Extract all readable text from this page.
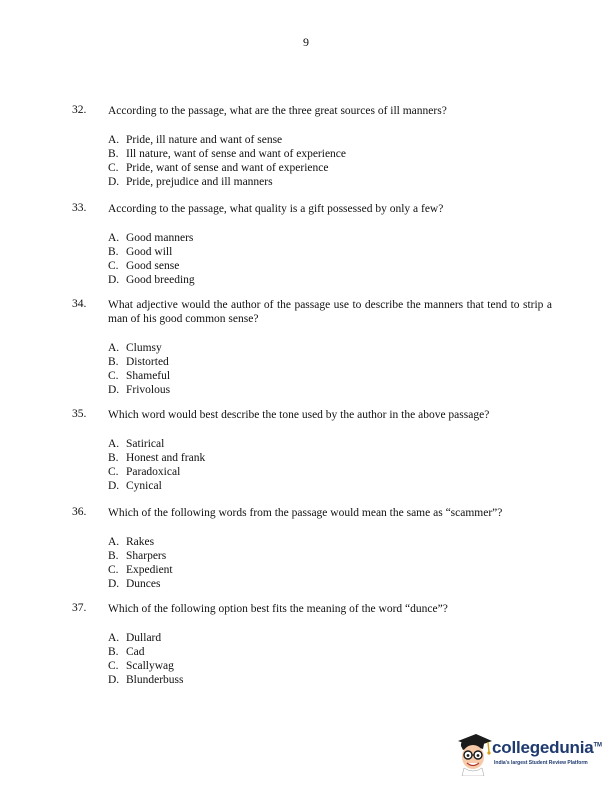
9
32.	According to the passage, what are the three great sources of ill manners?
A. Pride, ill nature and want of sense
B. Ill nature, want of sense and want of experience
C. Pride, want of sense and want of experience
D. Pride, prejudice and ill manners
33.	According to the passage, what quality is a gift possessed by only a few?
A. Good manners
B. Good will
C. Good sense
D. Good breeding
34.	What adjective would the author of the passage use to describe the manners that tend to strip a man of his good common sense?
A. Clumsy
B. Distorted
C. Shameful
D. Frivolous
35.	Which word would best describe the tone used by the author in the above passage?
A. Satirical
B. Honest and frank
C. Paradoxical
D. Cynical
36.	Which of the following words from the passage would mean the same as “scammer”?
A. Rakes
B. Sharpers
C. Expedient
D. Dunces
37.	Which of the following option best fits the meaning of the word “dunce”?
A. Dullard
B. Cad
C. Scallywag
D. Blunderbuss
collegedunia™
India's largest Student Review Platform
